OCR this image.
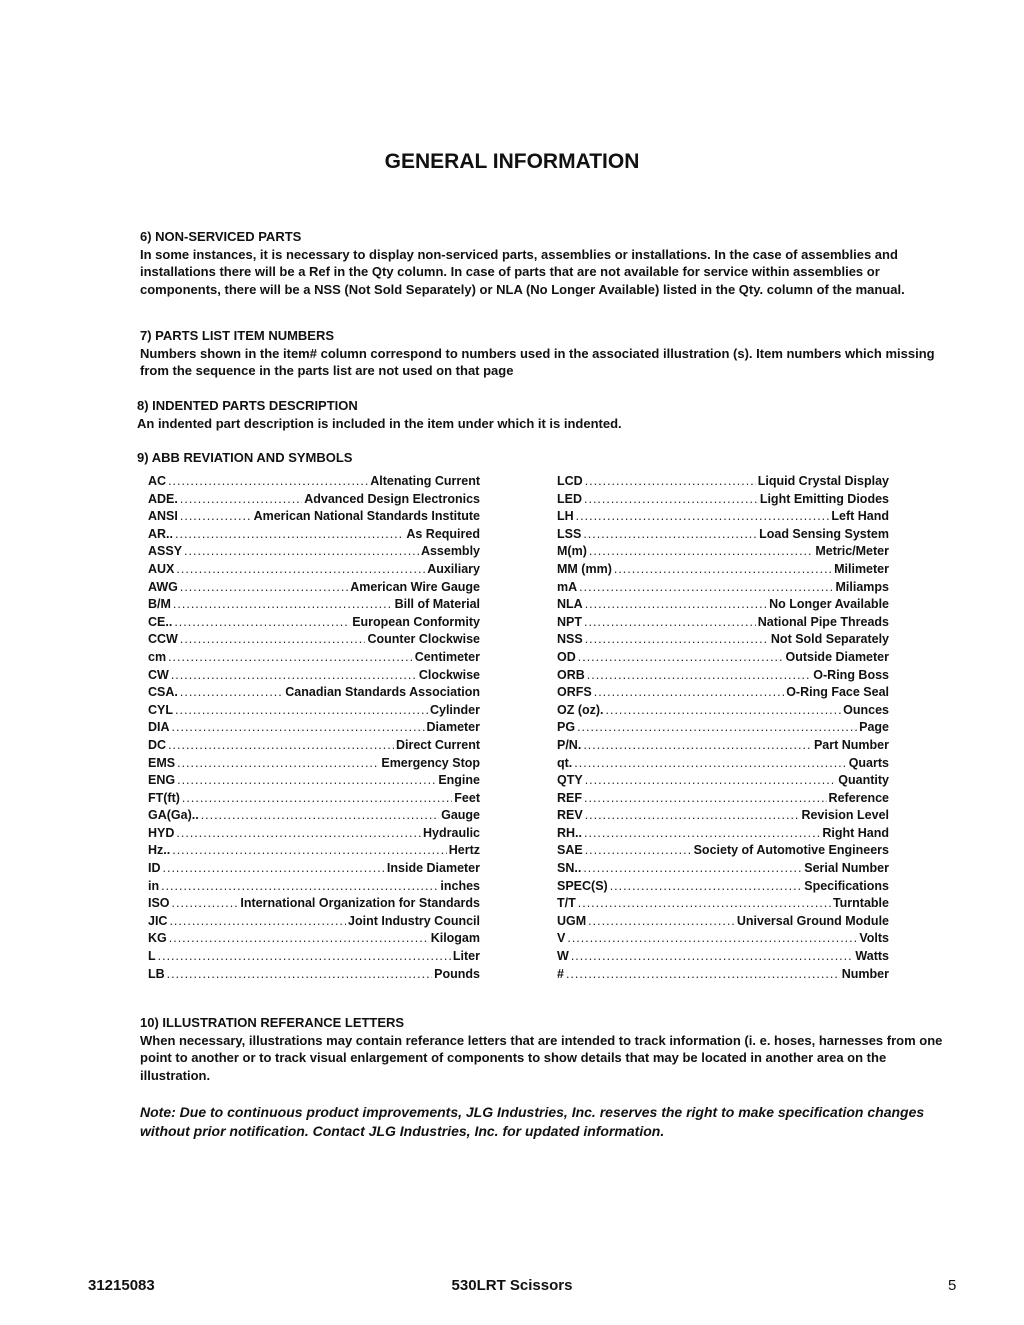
GENERAL INFORMATION
6) NON-SERVICED PARTS
In some instances, it is necessary to display non-serviced parts, assemblies or installations. In the case of assemblies and installations there will be a Ref in the Qty column. In case of parts that are not available for service within assemblies or components, there will be a NSS (Not Sold Separately) or NLA (No Longer Available) listed in the Qty. column of the manual.
7) PARTS LIST ITEM NUMBERS
Numbers shown in the item# column correspond to numbers used in the associated illustration (s). Item numbers which missing from the sequence in the parts list are not used on that page
8) INDENTED PARTS DESCRIPTION
An indented part description is included in the item under which it is indented.
9) ABB REVIATION AND SYMBOLS
AC .....	Altenating Current
ADE. .....	Advanced Design Electronics
ANSI .....	American National Standards Institute
AR.. .....	As Required
ASSY .....	Assembly
AUX .....	Auxiliary
AWG .....	American Wire Gauge
B/M .....	Bill of Material
CE.. .....	European Conformity
CCW .....	Counter Clockwise
cm .....	Centimeter
CW .....	Clockwise
CSA. .....	Canadian Standards Association
CYL .....	Cylinder
DIA .....	Diameter
DC .....	Direct Current
EMS .....	Emergency Stop
ENG .....	Engine
FT(ft) .....	Feet
GA(Ga).. .....	Gauge
HYD .....	Hydraulic
Hz.. .....	Hertz
ID .....	Inside Diameter
in .....	inches
ISO .....	International Organization for Standards
JIC .....	Joint Industry Council
KG .....	Kilogam
L .....	Liter
LB .....	Pounds
LCD .....	Liquid Crystal Display
LED .....	Light Emitting Diodes
LH .....	Left Hand
LSS .....	Load Sensing System
M(m) .....	Metric/Meter
MM (mm) .....	Milimeter
mA .....	Miliamps
NLA .....	No Longer Available
NPT .....	National Pipe Threads
NSS .....	Not Sold Separately
OD .....	Outside Diameter
ORB .....	O-Ring Boss
ORFS .....	O-Ring Face Seal
OZ (oz). .....	Ounces
PG .....	Page
P/N. .....	Part Number
qt. .....	Quarts
QTY .....	Quantity
REF .....	Reference
REV .....	Revision Level
RH.. .....	Right Hand
SAE .....	Society of Automotive Engineers
SN.. .....	Serial Number
SPEC(S) .....	Specifications
T/T .....	Turntable
UGM .....	Universal Ground Module
V .....	Volts
W .....	Watts
# .....	Number
10) ILLUSTRATION REFERANCE LETTERS
When necessary, illustrations may contain referance letters that are intended to track information (i. e. hoses, harnesses from one point to another or to track visual enlargement of components to show details that may be located in another area on the illustration.
Note: Due to continuous product improvements, JLG Industries, Inc. reserves the right to make specification changes without prior notification. Contact JLG Industries, Inc. for updated information.
31215083	530LRT Scissors	5
